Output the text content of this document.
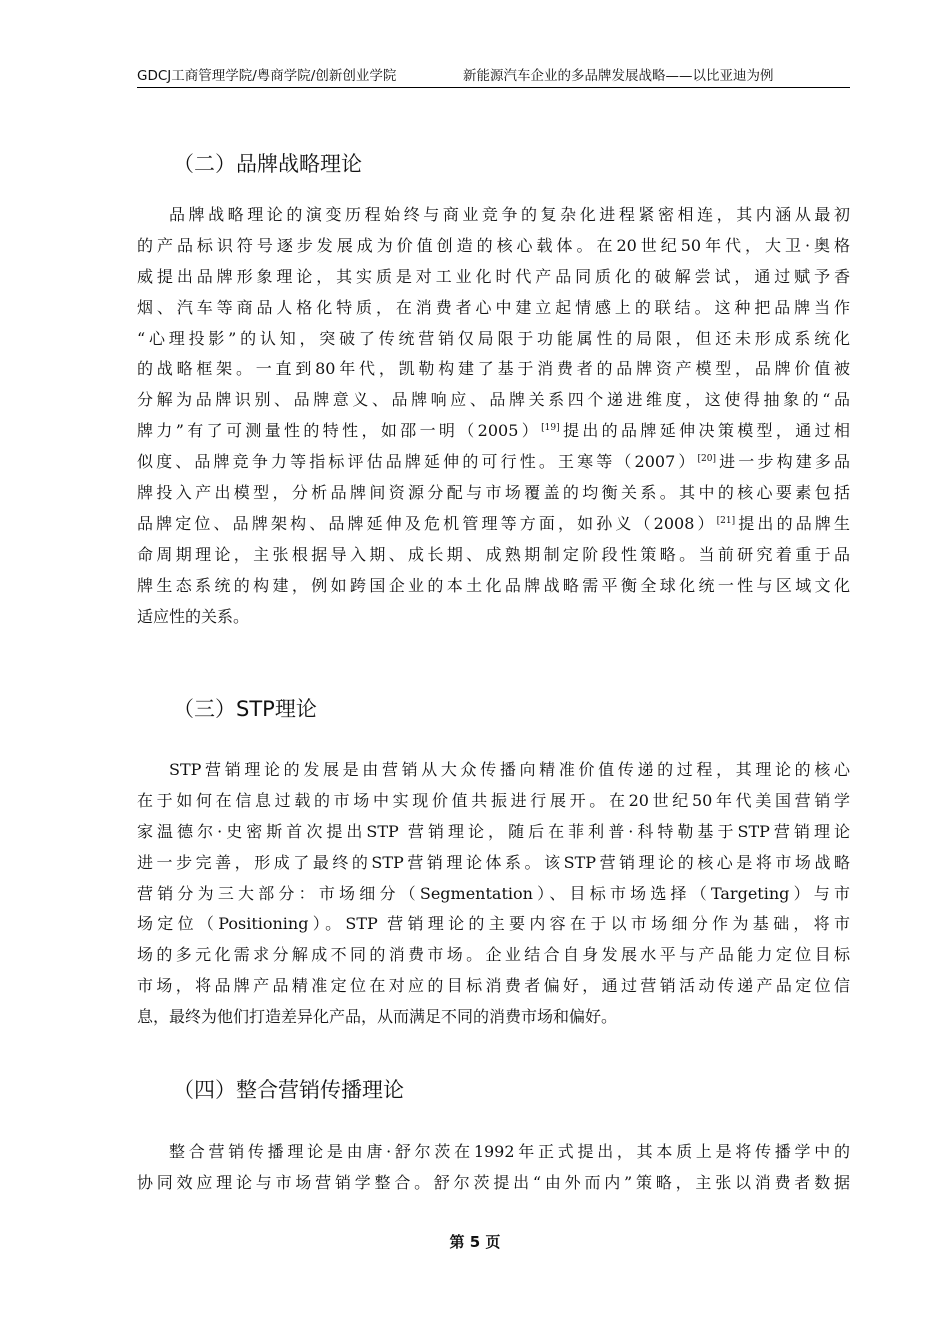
GDCJ工商管理学院/粤商学院/创新创业学院	新能源汽车企业的多品牌发展战略——以比亚迪为例
（二）品牌战略理论
品牌战略理论的演变历程始终与商业竞争的复杂化进程紧密相连，其内涵从最初
的产品标识符号逐步发展成为价值创造的核心载体。在20世纪50年代，大卫·奥格
威提出品牌形象理论，其实质是对工业化时代产品同质化的破解尝试，通过赋予香
烟、汽车等商品人格化特质，在消费者心中建立起情感上的联结。这种把品牌当作
“心理投影”的认知，突破了传统营销仅局限于功能属性的局限，但还未形成系统化
的战略框架。一直到80年代，凯勒构建了基于消费者的品牌资产模型，品牌价值被
分解为品牌识别、品牌意义、品牌响应、品牌关系四个递进维度，这使得抽象的“品
牌力”有了可测量性的特性，如邵一明（2005）[19]提出的品牌延伸决策模型，通过相
似度、品牌竞争力等指标评估品牌延伸的可行性。王寒等（2007）[20]进一步构建多品
牌投入产出模型，分析品牌间资源分配与市场覆盖的均衡关系。其中的核心要素包括
品牌定位、品牌架构、品牌延伸及危机管理等方面，如孙义（2008）[21]提出的品牌生
命周期理论，主张根据导入期、成长期、成熟期制定阶段性策略。当前研究着重于品
牌生态系统的构建，例如跨国企业的本土化品牌战略需平衡全球化统一性与区域文化
适应性的关系。
（三）STP理论
STP营销理论的发展是由营销从大众传播向精准价值传递的过程，其理论的核心
在于如何在信息过载的市场中实现价值共振进行展开。在20世纪50年代美国营销学
家温德尔·史密斯首次提出STP 营销理论，随后在菲利普·科特勒基于STP营销理论
进一步完善，形成了最终的STP营销理论体系。该STP营销理论的核心是将市场战略
营销分为三大部分：市场细分（Segmentation）、目标市场选择（Targeting）与市
场定位（Positioning）。STP 营销理论的主要内容在于以市场细分作为基础，将市
场的多元化需求分解成不同的消费市场。企业结合自身发展水平与产品能力定位目标
市场，将品牌产品精准定位在对应的目标消费者偏好，通过营销活动传递产品定位信
息，最终为他们打造差异化产品，从而满足不同的消费市场和偏好。
（四）整合营销传播理论
整合营销传播理论是由唐·舒尔茨在1992年正式提出，其本质上是将传播学中的
协同效应理论与市场营销学整合。舒尔茨提出“由外而内”策略，主张以消费者数据
第 5 页
